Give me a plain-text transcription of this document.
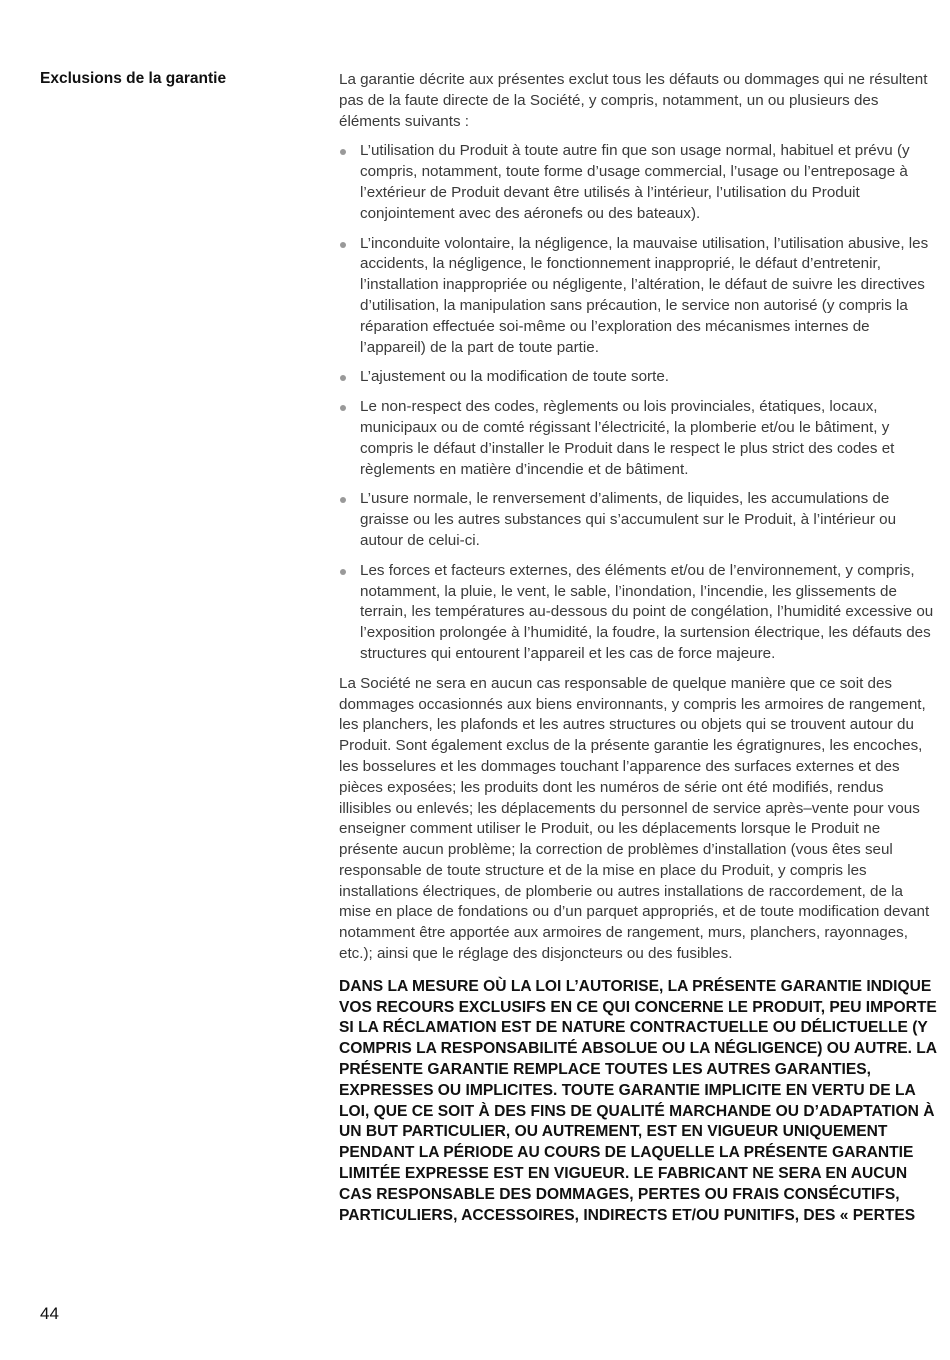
Exclusions de la garantie	La garantie décrite aux présentes exclut tous les défauts ou dommages qui ne résultent pas de la faute directe de la Société, y compris, notamment, un ou plusieurs des éléments suivants :

L’utilisation du Produit à toute autre fin que son usage normal, habituel et prévu (y compris, notamment, toute forme d’usage commercial, l’usage ou l’entreposage à l’extérieur de Produit devant être utilisés à l’intérieur, l’utilisation du Produit conjointement avec des aéronefs ou des bateaux).
L’inconduite volontaire, la négligence, la mauvaise utilisation, l’utilisation abusive, les accidents, la négligence, le fonctionnement inapproprié, le défaut d’entretenir, l’installation inappropriée ou négligente, l’altération, le défaut de suivre les directives d’utilisation, la manipulation sans précaution, le service non autorisé (y compris la réparation effectuée soi-même ou l’exploration des mécanismes internes de l’appareil) de la part de toute partie.
L’ajustement ou la modification de toute sorte.
Le non-respect des codes, règlements ou lois provinciales, étatiques, locaux, municipaux ou de comté régissant l’électricité, la plomberie et/ou le bâtiment, y compris le défaut d’installer le Produit dans le respect le plus strict des codes et règlements en matière d’incendie et de bâtiment.
L’usure normale, le renversement d’aliments, de liquides, les accumulations de graisse ou les autres substances qui s’accumulent sur le Produit, à l’intérieur ou autour de celui-ci.
Les forces et facteurs externes, des éléments et/ou de l’environnement, y compris, notamment, la pluie, le vent, le sable, l’inondation, l’incendie, les glissements de terrain, les températures au-dessous du point de congélation, l’humidité excessive ou l’exposition prolongée à l’humidité, la foudre, la surtension électrique, les défauts des structures qui entourent l’appareil et les cas de force majeure.

La Société ne sera en aucun cas responsable de quelque manière que ce soit des dommages occasionnés aux biens environnants, y compris les armoires de rangement, les planchers, les plafonds et les autres structures ou objets qui se trouvent autour du Produit. Sont également exclus de la présente garantie les égratignures, les encoches, les bosselures et les dommages touchant l’apparence des surfaces externes et des pièces exposées; les produits dont les numéros de série ont été modifiés, rendus illisibles ou enlevés; les déplacements du personnel de service après–vente pour vous enseigner comment utiliser le Produit, ou les déplacements lorsque le Produit ne présente aucun problème; la correction de problèmes d’installation (vous êtes seul responsable de toute structure et de la mise en place du Produit, y compris les installations électriques, de plomberie ou autres installations de raccordement, de la mise en place de fondations ou d’un parquet appropriés, et de toute modification devant notamment être apportée aux armoires de rangement, murs, planchers, rayonnages, etc.); ainsi que le réglage des disjoncteurs ou des fusibles.

DANS LA MESURE OÙ LA LOI L’AUTORISE, LA PRÉSENTE GARANTIE INDIQUE VOS RECOURS EXCLUSIFS EN CE QUI CONCERNE LE PRODUIT, PEU IMPORTE SI LA RÉCLAMATION EST DE NATURE CONTRACTUELLE OU DÉLICTUELLE (Y COMPRIS LA RESPONSABILITÉ ABSOLUE OU LA NÉGLIGENCE) OU AUTRE. LA PRÉSENTE GARANTIE REMPLACE TOUTES LES AUTRES GARANTIES, EXPRESSES OU IMPLICITES. TOUTE GARANTIE IMPLICITE EN VERTU DE LA LOI, QUE CE SOIT À DES FINS DE QUALITÉ MARCHANDE OU D’ADAPTATION À UN BUT PARTICULIER, OU AUTREMENT, EST EN VIGUEUR UNIQUEMENT PENDANT LA PÉRIODE AU COURS DE LAQUELLE LA PRÉSENTE GARANTIE LIMITÉE EXPRESSE EST EN VIGUEUR. LE FABRICANT NE SERA EN AUCUN CAS RESPONSABLE DES DOMMAGES, PERTES OU FRAIS CONSÉCUTIFS, PARTICULIERS, ACCESSOIRES, INDIRECTS ET/OU PUNITIFS, DES « PERTES

44
